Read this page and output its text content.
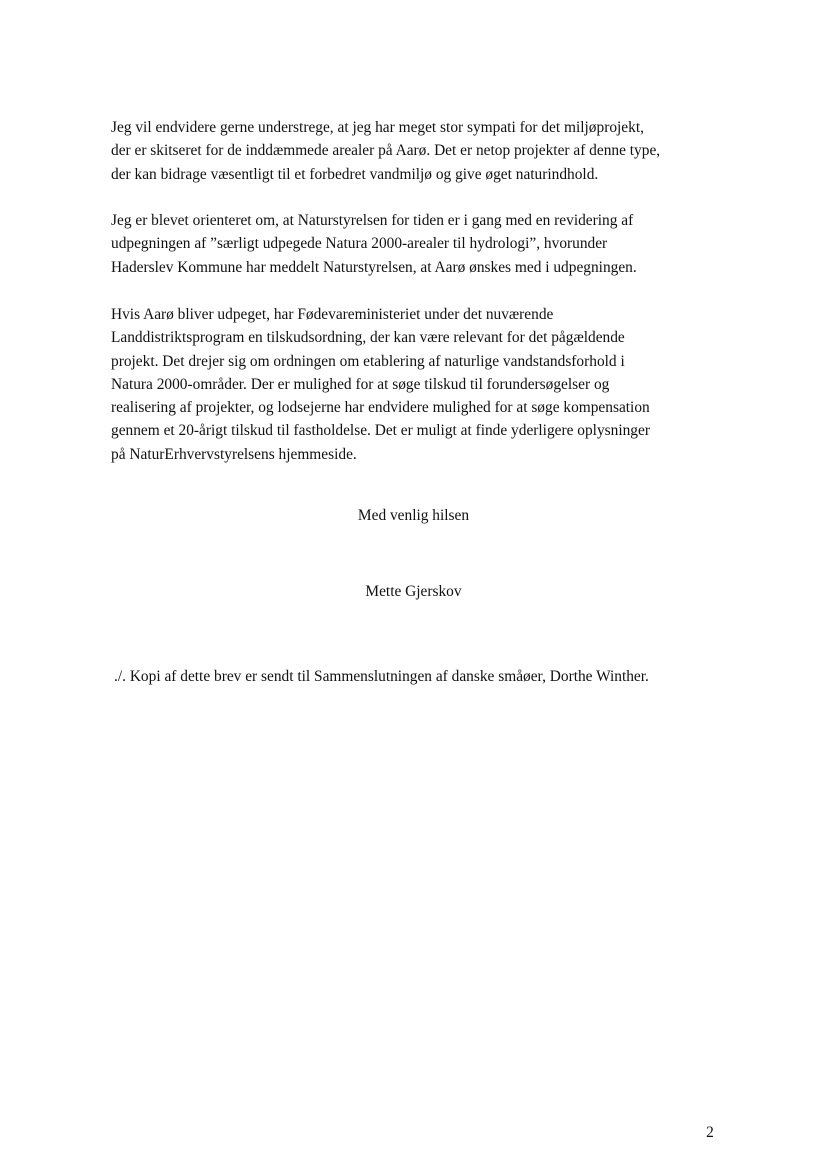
Jeg vil endvidere gerne understrege, at jeg har meget stor sympati for det miljøprojekt,
der er skitseret for de inddæmmede arealer på Aarø. Det er netop projekter af denne type,
der kan bidrage væsentligt til et forbedret vandmiljø og give øget naturindhold.
Jeg er blevet orienteret om, at Naturstyrelsen for tiden er i gang med en revidering af
udpegningen af ”særligt udpegede Natura 2000-arealer til hydrologi”, hvorunder
Haderslev Kommune har meddelt Naturstyrelsen, at Aarø ønskes med i udpegningen.
Hvis Aarø bliver udpeget, har Fødevareministeriet under det nuværende
Landdistriktsprogram en tilskudsordning, der kan være relevant for det pågældende
projekt. Det drejer sig om ordningen om etablering af naturlige vandstandsforhold i
Natura 2000-områder. Der er mulighed for at søge tilskud til forundersøgelser og
realisering af projekter, og lodsejerne har endvidere mulighed for at søge kompensation
gennem et 20-årigt tilskud til fastholdelse. Det er muligt at finde yderligere oplysninger
på NaturErhvervstyrelsens hjemmeside.
Med venlig hilsen
Mette Gjerskov
./. Kopi af dette brev er sendt til Sammenslutningen af danske småøer, Dorthe Winther.
2
